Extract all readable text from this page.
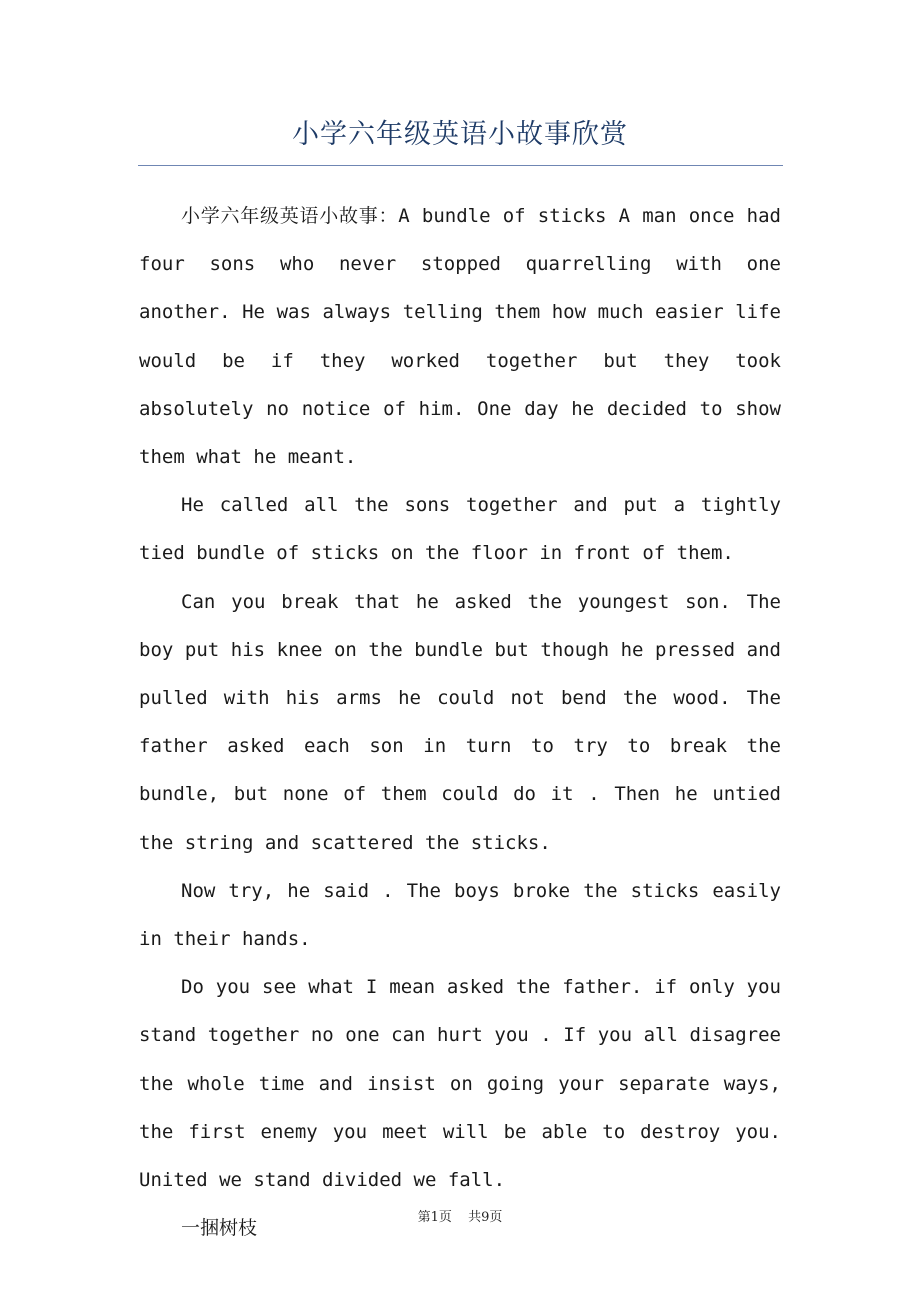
小学六年级英语小故事欣赏

小学六年级英语小故事：A bundle of sticks A man once had four sons who never stopped quarrelling with one another. He was always telling them how much easier life would be if they worked together but they took absolutely no notice of him. One day he decided to show them what he meant.

He called all the sons together and put a tightly tied bundle of sticks on the floor in front of them.

Can you break that he asked the youngest son. The boy put his knee on the bundle but though he pressed and pulled with his arms he could not bend the wood. The father asked each son in turn to try to break the bundle, but none of them could do it . Then he untied the string and scattered the sticks.

Now try, he said . The boys broke the sticks easily in their hands.

Do you see what I mean asked the father. if only you stand together no one can hurt you . If you all disagree the whole time and insist on going your separate ways, the first enemy you meet will be able to destroy you. United we stand divided we fall.

一捆树枝	第1页 共9页
